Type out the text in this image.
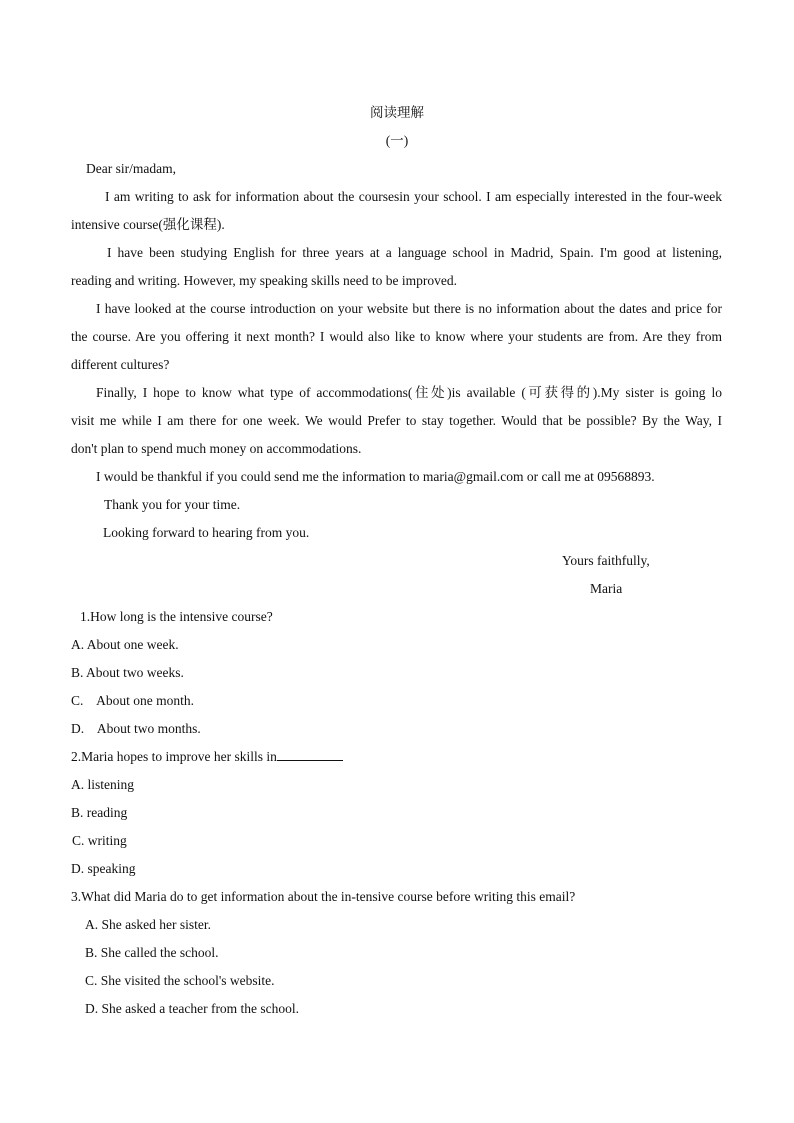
阅读理解
(一)
Dear sir/madam,
I am writing to ask for information about the coursesin your school. I am especially interested in the four-week
intensive course(强化课程).
I have been studying English for three years at a language school in Madrid, Spain. I'm good at listening,
reading and writing. However, my speaking skills need to be improved.
I have looked at the course introduction on your website but there is no information about the dates and price for
the course. Are you offering it next month? I would also like to know where your students are from. Are they from
different cultures?
Finally, I hope to know what type of accommodations(住处)is available (可获得的).My sister is going lo
visit me while I am there for one week. We would Prefer to stay together. Would that be possible? By the Way, I
don't plan to spend much money on accommodations.
I would be thankful if you could send me the information to maria@gmail.com or call me at 09568893.
Thank you for your time.
Looking forward to hearing from you.
Yours faithfully,
Maria
1.How long is the intensive course?
A. About one week.
B. About two weeks.
C.    About one month.
D.    About two months.
2.Maria hopes to improve her skills in
A. listening
B. reading
C. writing
D. speaking
3.What did Maria do to get information about the in-tensive course before writing this email?
A. She asked her sister.
B. She called the school.
C. She visited the school's website.
D. She asked a teacher from the school.
